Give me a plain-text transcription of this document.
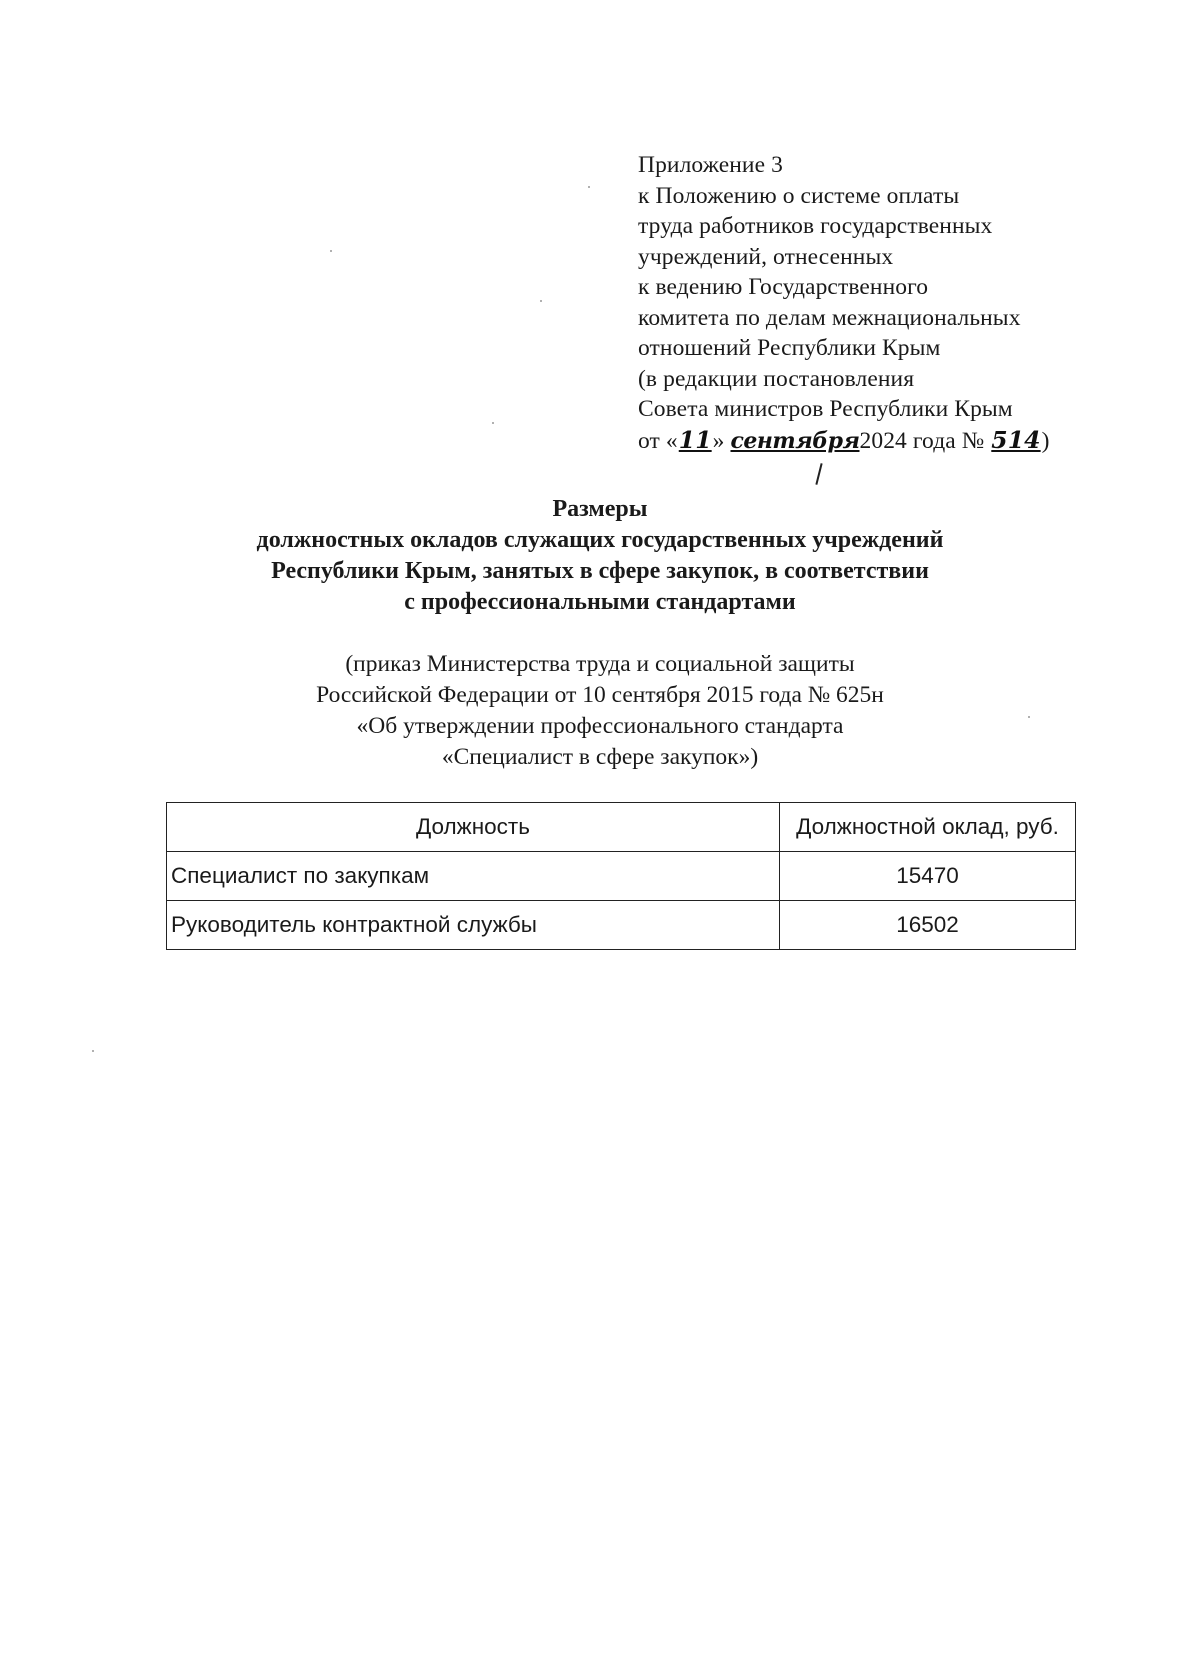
Приложение 3
к Положению о системе оплаты
труда работников государственных
учреждений, отнесенных
к ведению Государственного
комитета по делам межнациональных
отношений Республики Крым
(в редакции постановления
Совета министров Республики Крым
от «11» сентября2024 года № 514)
Размеры
должностных окладов служащих государственных учреждений
Республики Крым, занятых в сфере закупок, в соответствии
с профессиональными стандартами
(приказ Министерства труда и социальной защиты
Российской Федерации от 10 сентября 2015 года № 625н
«Об утверждении профессионального стандарта
«Специалист в сфере закупок»)
Должность	Должностной оклад, руб.
Специалист по закупкам	15470
Руководитель контрактной службы	16502
